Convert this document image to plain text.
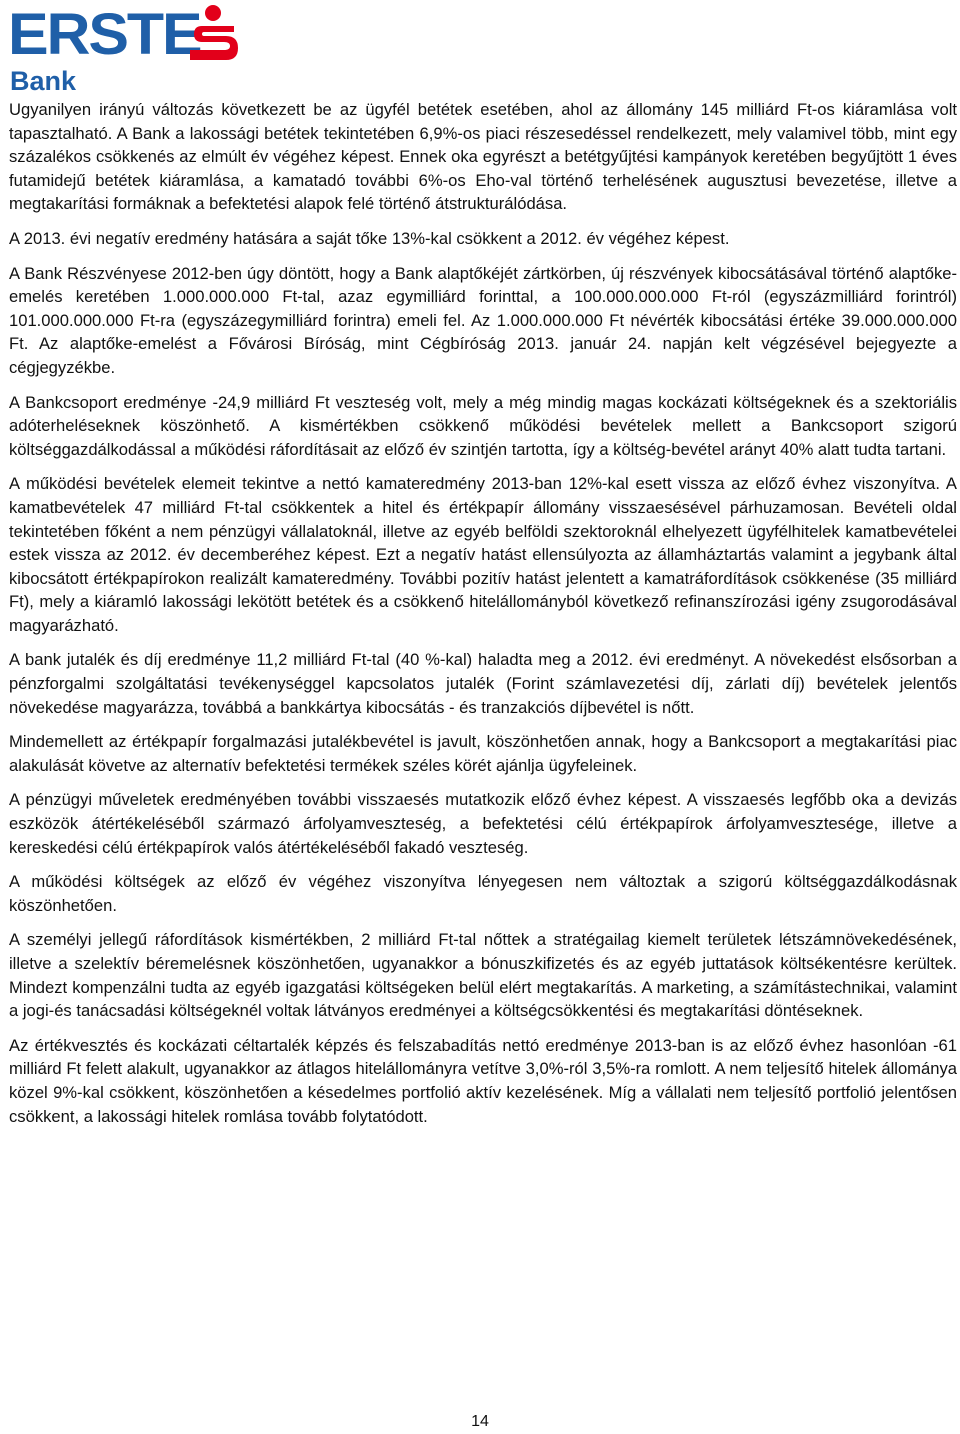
ERSTE
Bank

Ugyanilyen irányú változás következett be az ügyfél betétek esetében, ahol az állomány 145 milliárd Ft-os kiáramlása volt tapasztalható. A Bank a lakossági betétek tekintetében 6,9%-os piaci részesedéssel rendelkezett, mely valamivel több, mint egy százalékos csökkenés az elmúlt év végéhez képest. Ennek oka egyrészt a betétgyűjtési kampányok keretében begyűjtött 1 éves futamidejű betétek kiáramlása, a kamatadó további 6%-os Eho-val történő terhelésének augusztusi bevezetése, illetve a megtakarítási formáknak a befektetési alapok felé történő átstrukturálódása.

A 2013. évi negatív eredmény hatására a saját tőke 13%-kal csökkent a 2012. év végéhez képest.

A Bank Részvényese 2012-ben úgy döntött, hogy a Bank alaptőkéjét zártkörben, új részvények kibocsátásával történő alaptőke-emelés keretében 1.000.000.000 Ft-tal, azaz egymilliárd forinttal, a 100.000.000.000 Ft-ról (egyszázmilliárd forintról) 101.000.000.000 Ft-ra (egyszázegymilliárd forintra) emeli fel. Az 1.000.000.000 Ft névérték kibocsátási értéke 39.000.000.000 Ft. Az alaptőke-emelést a Fővárosi Bíróság, mint Cégbíróság 2013. január 24. napján kelt végzésével bejegyezte a cégjegyzékbe.

A Bankcsoport eredménye -24,9 milliárd Ft veszteség volt, mely a még mindig magas kockázati költségeknek és a szektoriális adóterheléseknek köszönhető. A kismértékben csökkenő működési bevételek mellett a Bankcsoport szigorú költséggazdálkodással a működési ráfordításait az előző év szintjén tartotta, így a költség-bevétel arányt 40% alatt tudta tartani.

A működési bevételek elemeit tekintve a nettó kamateredmény 2013-ban 12%-kal esett vissza az előző évhez viszonyítva. A kamatbevételek 47 milliárd Ft-tal csökkentek a hitel és értékpapír állomány visszaesésével párhuzamosan. Bevételi oldal tekintetében főként a nem pénzügyi vállalatoknál, illetve az egyéb belföldi szektoroknál elhelyezett ügyfélhitelek kamatbevételei estek vissza az 2012. év decemberéhez képest. Ezt a negatív hatást ellensúlyozta az államháztartás valamint a jegybank által kibocsátott értékpapírokon realizált kamateredmény. További pozitív hatást jelentett a kamatráfordítások csökkenése (35 milliárd Ft), mely a kiáramló lakossági lekötött betétek és a csökkenő hitelállományból következő refinanszírozási igény zsugorodásával magyarázható.

A bank jutalék és díj eredménye 11,2 milliárd Ft-tal (40 %-kal) haladta meg a 2012. évi eredményt. A növekedést elsősorban a pénzforgalmi szolgáltatási tevékenységgel kapcsolatos jutalék (Forint számlavezetési díj, zárlati díj) bevételek jelentős növekedése magyarázza, továbbá a bankkártya kibocsátás - és tranzakciós díjbevétel is nőtt.

Mindemellett az értékpapír forgalmazási jutalékbevétel is javult, köszönhetően annak, hogy a Bankcsoport a megtakarítási piac alakulását követve az alternatív befektetési termékek széles körét ajánlja ügyfeleinek.

A pénzügyi műveletek eredményében további visszaesés mutatkozik előző évhez képest. A visszaesés legfőbb oka a devizás eszközök átértékeléséből származó árfolyamveszteség, a befektetési célú értékpapírok árfolyamvesztesége, illetve a kereskedési célú értékpapírok valós átértékeléséből fakadó veszteség.

A működési költségek az előző év végéhez viszonyítva lényegesen nem változtak a szigorú költséggazdálkodásnak köszönhetően.

A személyi jellegű ráfordítások kismértékben, 2 milliárd Ft-tal nőttek a stratégailag kiemelt területek létszámnövekedésének, illetve a szelektív béremelésnek köszönhetően, ugyanakkor a bónuszkifizetés és az egyéb juttatások költsékentésre kerültek. Mindezt kompenzálni tudta az egyéb igazgatási költségeken belül elért megtakarítás. A marketing, a számítástechnikai, valamint a jogi-és tanácsadási költségeknél voltak látványos eredményei a költségcsökkentési és megtakarítási döntéseknek.

Az értékvesztés és kockázati céltartalék képzés és felszabadítás nettó eredménye 2013-ban is az előző évhez hasonlóan -61 milliárd Ft felett alakult, ugyanakkor az átlagos hitelállományra vetítve 3,0%-ról 3,5%-ra romlott. A nem teljesítő hitelek állománya közel 9%-kal csökkent, köszönhetően a késedelmes portfolió aktív kezelésének. Míg a vállalati nem teljesítő portfolió jelentősen csökkent, a lakossági hitelek romlása tovább folytatódott.

14
